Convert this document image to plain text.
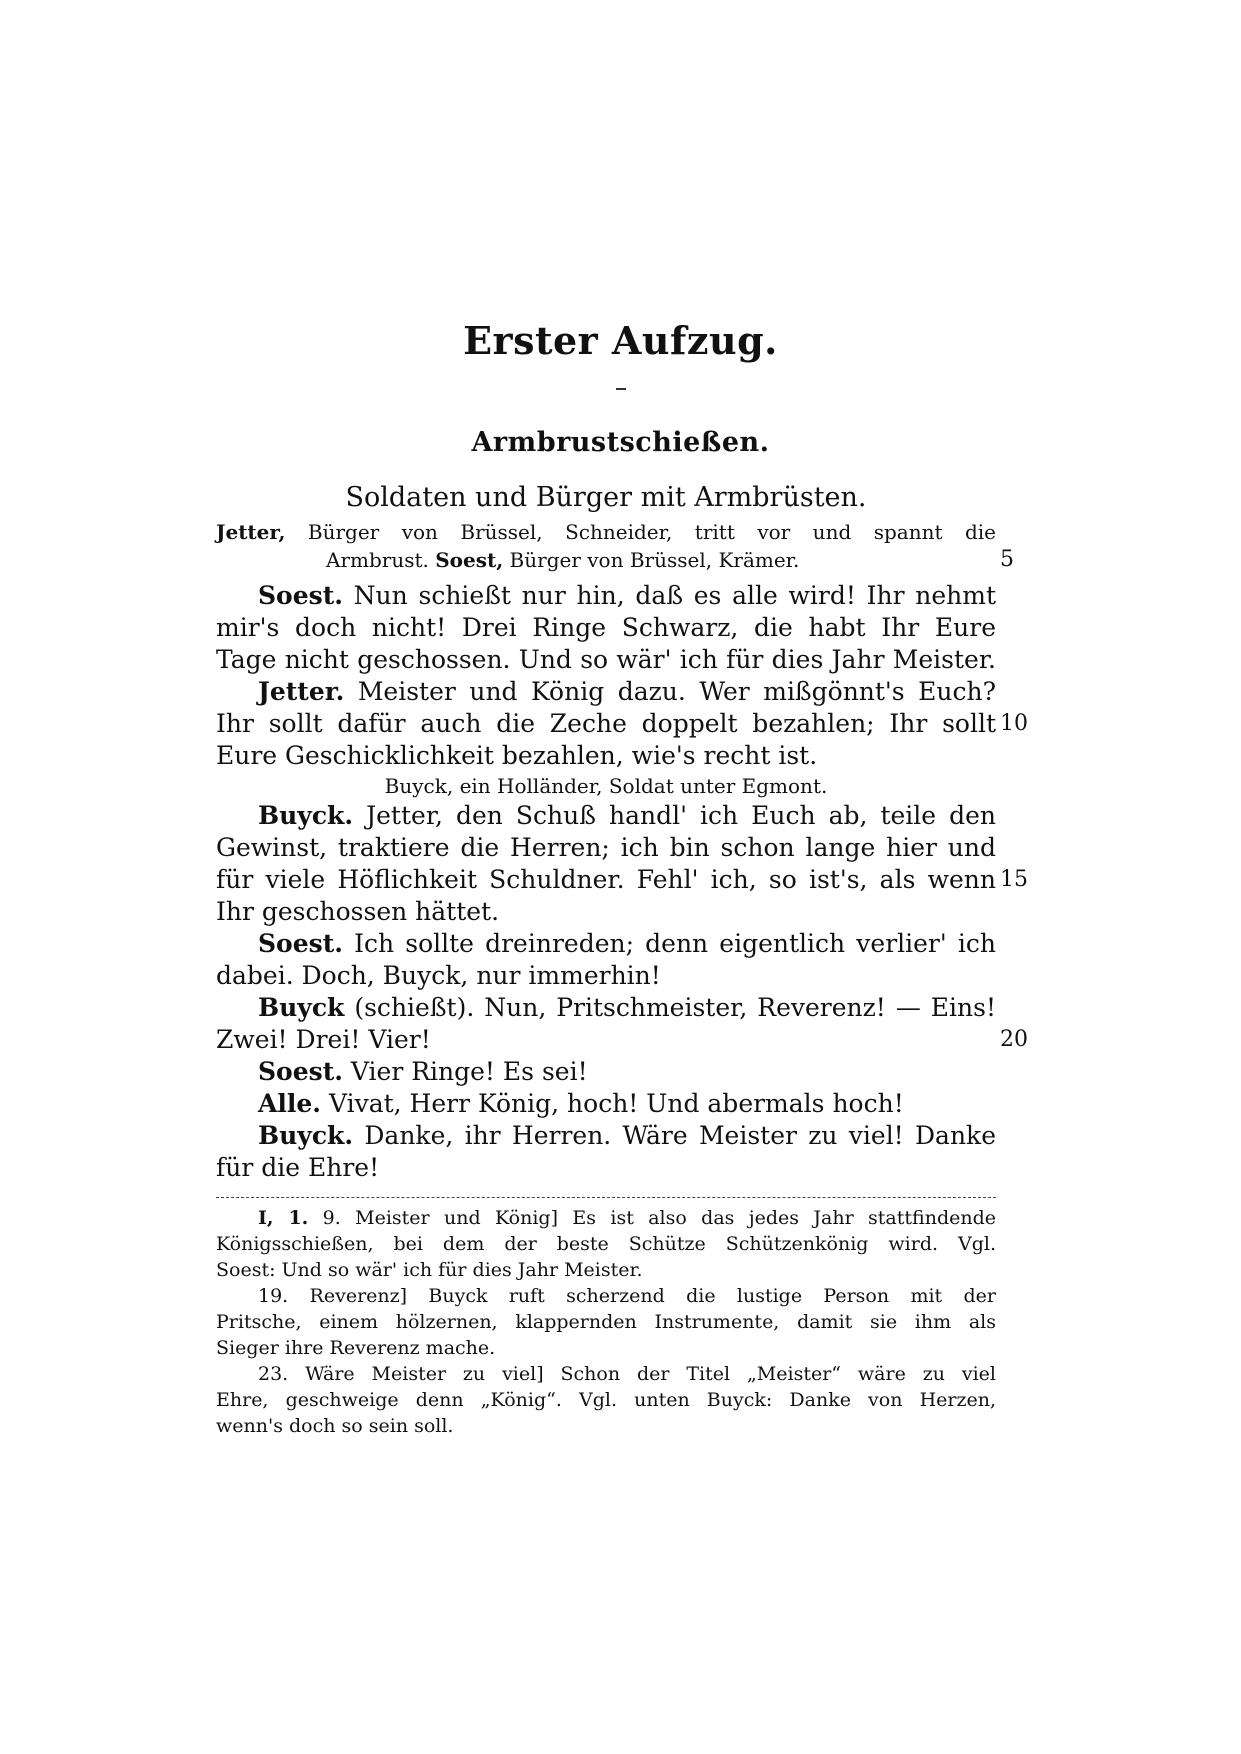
Erster Aufzug.
Armbrustschießen.
Soldaten und Bürger mit Armbrüsten.
Jetter, Bürger von Brüssel, Schneider, tritt vor und spannt die
Armbrust. Soest, Bürger von Brüssel, Krämer.	5
Soest. Nun schießt nur hin, daß es alle wird! Ihr nehmt
mir's doch nicht! Drei Ringe Schwarz, die habt Ihr Eure
Tage nicht geschossen. Und so wär' ich für dies Jahr Meister.
Jetter. Meister und König dazu. Wer mißgönnt's Euch?
Ihr sollt dafür auch die Zeche doppelt bezahlen; Ihr sollt 10
Eure Geschicklichkeit bezahlen, wie's recht ist.
Buyck, ein Holländer, Soldat unter Egmont.
Buyck. Jetter, den Schuß handl' ich Euch ab, teile den
Gewinst, traktiere die Herren; ich bin schon lange hier und
für viele Höflichkeit Schuldner. Fehl' ich, so ist's, als wenn 15
Ihr geschossen hättet.
Soest. Ich sollte dreinreden; denn eigentlich verlier' ich
dabei. Doch, Buyck, nur immerhin!
Buyck (schießt). Nun, Pritschmeister, Reverenz! — Eins!
Zwei! Drei! Vier!	20
Soest. Vier Ringe! Es sei!
Alle. Vivat, Herr König, hoch! Und abermals hoch!
Buyck. Danke, ihr Herren. Wäre Meister zu viel! Danke
für die Ehre!
I, 1. 9. Meister und König] Es ist also das jedes Jahr stattfindende
Königsschießen, bei dem der beste Schütze Schützenkönig wird. Vgl.
Soest: Und so wär' ich für dies Jahr Meister.
19. Reverenz] Buyck ruft scherzend die lustige Person mit der
Pritsche, einem hölzernen, klappernden Instrumente, damit sie ihm als
Sieger ihre Reverenz mache.
23. Wäre Meister zu viel] Schon der Titel „Meister“ wäre zu viel
Ehre, geschweige denn „König“. Vgl. unten Buyck: Danke von Herzen,
wenn's doch so sein soll.
